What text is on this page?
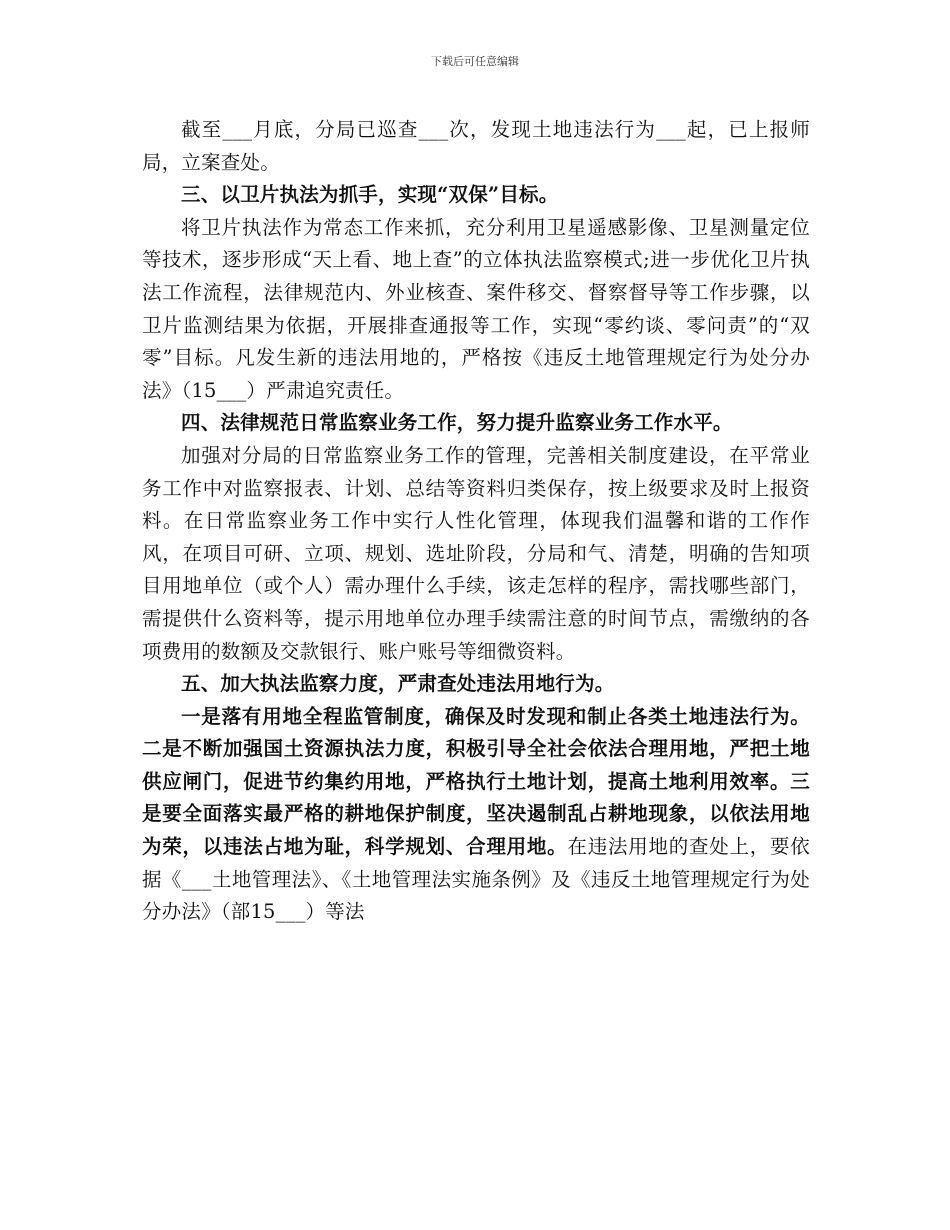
下载后可任意编辑

截至___月底，分局已巡查___次，发现土地违法行为___起，已上报师局，立案查处。

三、以卫片执法为抓手，实现“双保”目标。

将卫片执法作为常态工作来抓，充分利用卫星遥感影像、卫星测量定位等技术，逐步形成“天上看、地上查”的立体执法监察模式;进一步优化卫片执法工作流程，法律规范内、外业核查、案件移交、督察督导等工作步骤，以卫片监测结果为依据，开展排查通报等工作，实现“零约谈、零问责”的“双零”目标。凡发生新的违法用地的，严格按《违反土地管理规定行为处分办法》（15___）严肃追究责任。

四、法律规范日常监察业务工作，努力提升监察业务工作水平。

加强对分局的日常监察业务工作的管理，完善相关制度建设，在平常业务工作中对监察报表、计划、总结等资料归类保存，按上级要求及时上报资料。在日常监察业务工作中实行人性化管理，体现我们温馨和谐的工作作风，在项目可研、立项、规划、选址阶段，分局和气、清楚，明确的告知项目用地单位（或个人）需办理什么手续，该走怎样的程序，需找哪些部门，需提供什么资料等，提示用地单位办理手续需注意的时间节点，需缴纳的各项费用的数额及交款银行、账户账号等细微资料。

五、加大执法监察力度，严肃查处违法用地行为。

一是落有用地全程监管制度，确保及时发现和制止各类土地违法行为。二是不断加强国土资源执法力度，积极引导全社会依法合理用地，严把土地供应闸门，促进节约集约用地，严格执行土地计划，提高土地利用效率。三是要全面落实最严格的耕地保护制度，坚决遏制乱占耕地现象，以依法用地为荣，以违法占地为耻，科学规划、合理用地。在违法用地的查处上，要依据《___土地管理法》、《土地管理法实施条例》及《违反土地管理规定行为处分办法》（部15___）等法
